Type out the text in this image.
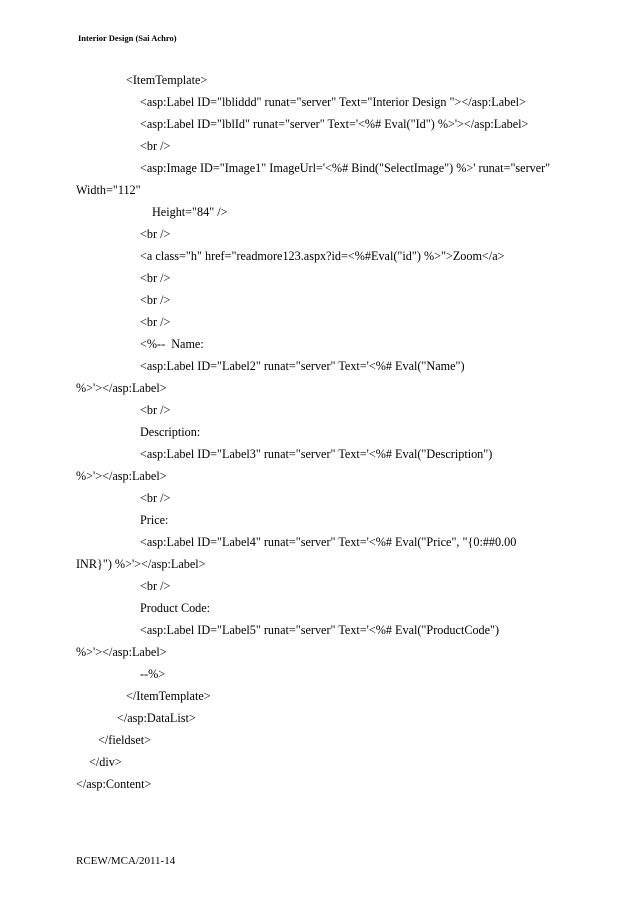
Interior Design (Sai Achro)
<ItemTemplate>
<asp:Label ID="lbliddd" runat="server" Text="Interior Design "></asp:Label>
<asp:Label ID="lblId" runat="server" Text='<%# Eval("Id") %>'></asp:Label>
<br />
<asp:Image ID="Image1" ImageUrl='<%# Bind("SelectImage") %>' runat="server"
Width="112"
Height="84" />
<br />
<a class="h" href="readmore123.aspx?id=<%#Eval("id") %>">Zoom</a>
<br />
<br />
<br />
<%--  Name:
<asp:Label ID="Label2" runat="server" Text='<%# Eval("Name")
%>'></asp:Label>
<br />
Description:
<asp:Label ID="Label3" runat="server" Text='<%# Eval("Description")
%>'></asp:Label>
<br />
Price:
<asp:Label ID="Label4" runat="server" Text='<%# Eval("Price", "{0:##0.00
INR}") %>'></asp:Label>
<br />
Product Code:
<asp:Label ID="Label5" runat="server" Text='<%# Eval("ProductCode")
%>'></asp:Label>
--%>
</ItemTemplate>
</asp:DataList>
</fieldset>
</div>
</asp:Content>
RCEW/MCA/2011-14
